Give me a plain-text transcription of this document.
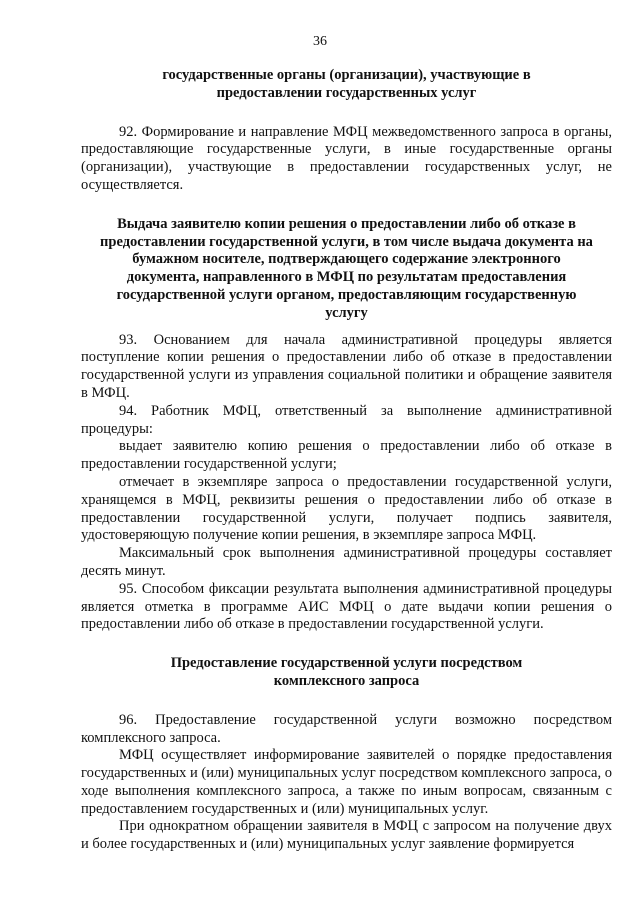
36

государственные органы (организации), участвующие в предоставлении государственных услуг

92. Формирование и направление МФЦ межведомственного запроса в органы, предоставляющие государственные услуги, в иные государственные органы (организации), участвующие в предоставлении государственных услуг, не осуществляется.

Выдача заявителю копии решения о предоставлении либо об отказе в предоставлении государственной услуги, в том числе выдача документа на бумажном носителе, подтверждающего содержание электронного документа, направленного в МФЦ по результатам предоставления государственной услуги органом, предоставляющим государственную услугу

93. Основанием для начала административной процедуры является поступление копии решения о предоставлении либо об отказе в предоставлении государственной услуги из управления социальной политики и обращение заявителя в МФЦ.

94. Работник МФЦ, ответственный за выполнение административной процедуры:

выдает заявителю копию решения о предоставлении либо об отказе в предоставлении государственной услуги;

отмечает в экземпляре запроса о предоставлении государственной услуги, хранящемся в МФЦ, реквизиты решения о предоставлении либо об отказе в предоставлении государственной услуги, получает подпись заявителя, удостоверяющую получение копии решения, в экземпляре запроса МФЦ.

Максимальный срок выполнения административной процедуры составляет десять минут.

95. Способом фиксации результата выполнения административной процедуры является отметка в программе АИС МФЦ о дате выдачи копии решения о предоставлении либо об отказе в предоставлении государственной услуги.

Предоставление государственной услуги посредством комплексного запроса

96. Предоставление государственной услуги возможно посредством комплексного запроса.

МФЦ осуществляет информирование заявителей о порядке предоставления государственных и (или) муниципальных услуг посредством комплексного запроса, о ходе выполнения комплексного запроса, а также по иным вопросам, связанным с предоставлением государственных и (или) муниципальных услуг.

При однократном обращении заявителя в МФЦ с запросом на получение двух и более государственных и (или) муниципальных услуг заявление формируется
